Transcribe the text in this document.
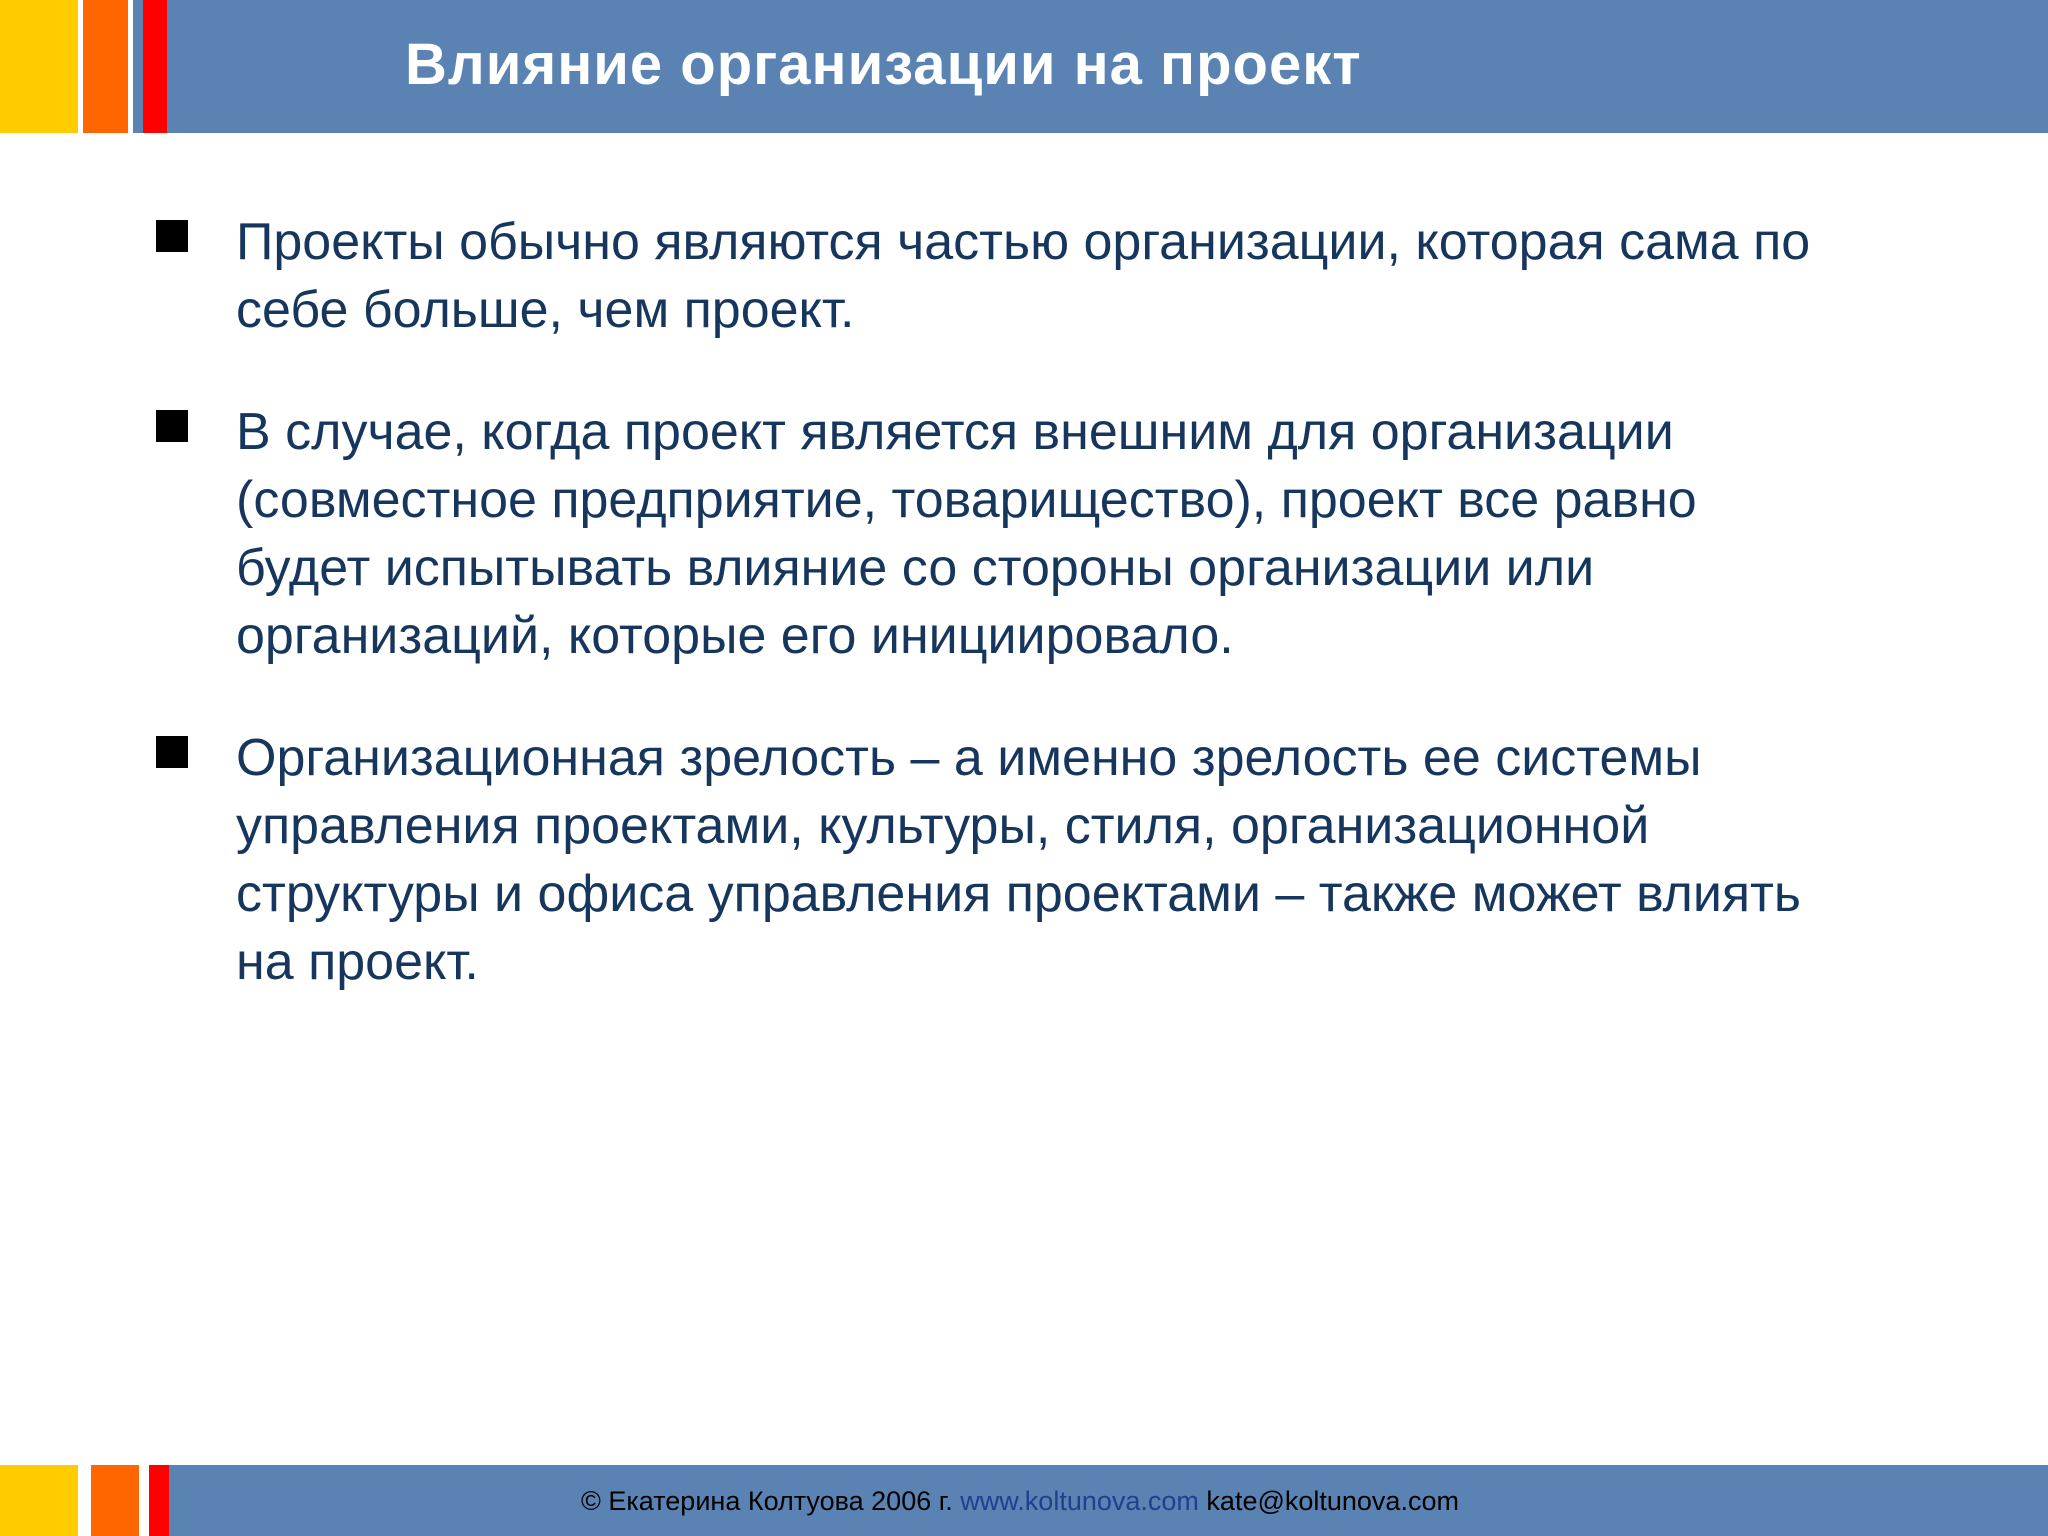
Влияние организации на проект
Проекты обычно являются частью организации, которая сама по
себе больше, чем проект.
В случае, когда проект является внешним для организации
(совместное предприятие, товарищество), проект все равно
будет испытывать влияние со стороны организации или
организаций, которые его инициировало.
Организационная зрелость – а именно зрелость ее системы
управления проектами, культуры, стиля, организационной
структуры и офиса управления проектами – также может влиять
на проект.
© Екатерина Колтуова 2006 г. www.koltunova.com kate@koltunova.com
